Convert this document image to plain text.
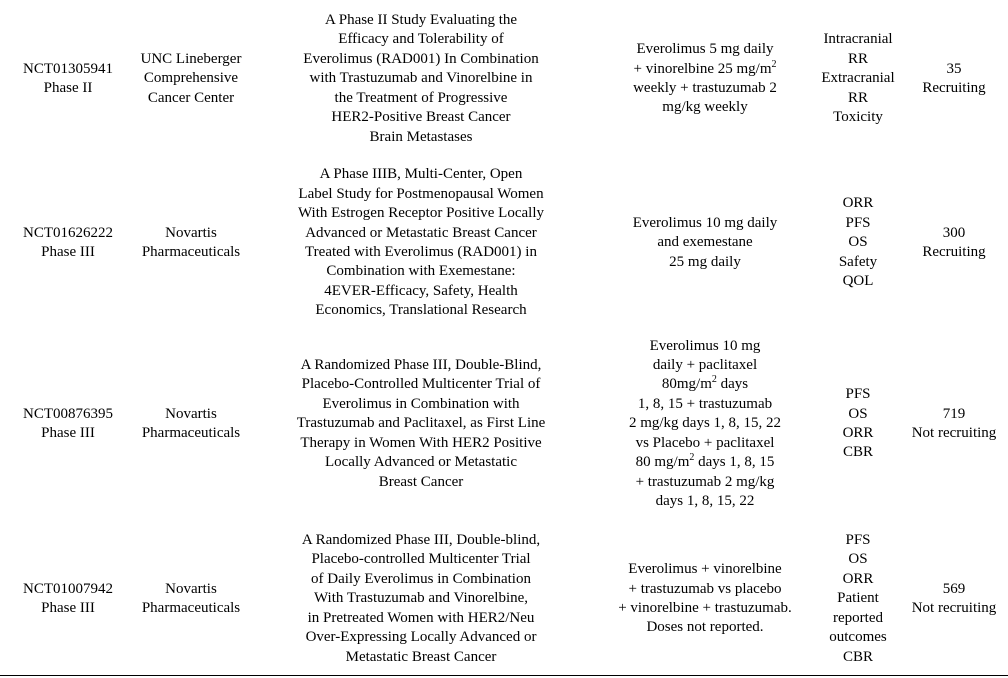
NCT01305941
Phase II
UNC Lineberger
Comprehensive
Cancer Center
A Phase II Study Evaluating the
Efficacy and Tolerability of
Everolimus (RAD001) In Combination
with Trastuzumab and Vinorelbine in
the Treatment of Progressive
HER2-Positive Breast Cancer
Brain Metastases
Everolimus 5 mg daily
+ vinorelbine 25 $mg/m^2$
weekly + trastuzumab 2
mg/kg weekly
Intracranial
RR
Extracranial
RR
Toxicity
35
Recruiting
NCT01626222
Phase III
Novartis
Pharmaceuticals
A Phase IIIB, Multi-Center, Open
Label Study for Postmenopausal Women
With Estrogen Receptor Positive Locally
Advanced or Metastatic Breast Cancer
Treated with Everolimus (RAD001) in
Combination with Exemestane:
4EVER-Efficacy, Safety, Health
Economics, Translational Research
Everolimus 10 mg daily
and exemestane
25 mg daily
ORR
PFS
OS
Safety
QOL
300
Recruiting
NCT00876395
Phase III
Novartis
Pharmaceuticals
A Randomized Phase III, Double-Blind,
Placebo-Controlled Multicenter Trial of
Everolimus in Combination with
Trastuzumab and Paclitaxel, as First Line
Therapy in Women With HER2 Positive
Locally Advanced or Metastatic
Breast Cancer
Everolimus 10 mg
daily + paclitaxel
$80mg/m^2$ days
1, 8, 15 + trastuzumab
2 mg/kg days 1, 8, 15, 22
vs Placebo + paclitaxel
80 $mg/m^2$ days 1, 8, 15
+ trastuzumab 2 mg/kg
days 1, 8, 15, 22
PFS
OS
ORR
CBR
719
Not recruiting
NCT01007942
Phase III
Novartis
Pharmaceuticals
A Randomized Phase III, Double-blind,
Placebo-controlled Multicenter Trial
of Daily Everolimus in Combination
With Trastuzumab and Vinorelbine,
in Pretreated Women with HER2/Neu
Over-Expressing Locally Advanced or
Metastatic Breast Cancer
Everolimus + vinorelbine
+ trastuzumab vs placebo
+ vinorelbine + trastuzumab.
Doses not reported.
PFS
OS
ORR
Patient
reported
outcomes
CBR
569
Not recruiting
